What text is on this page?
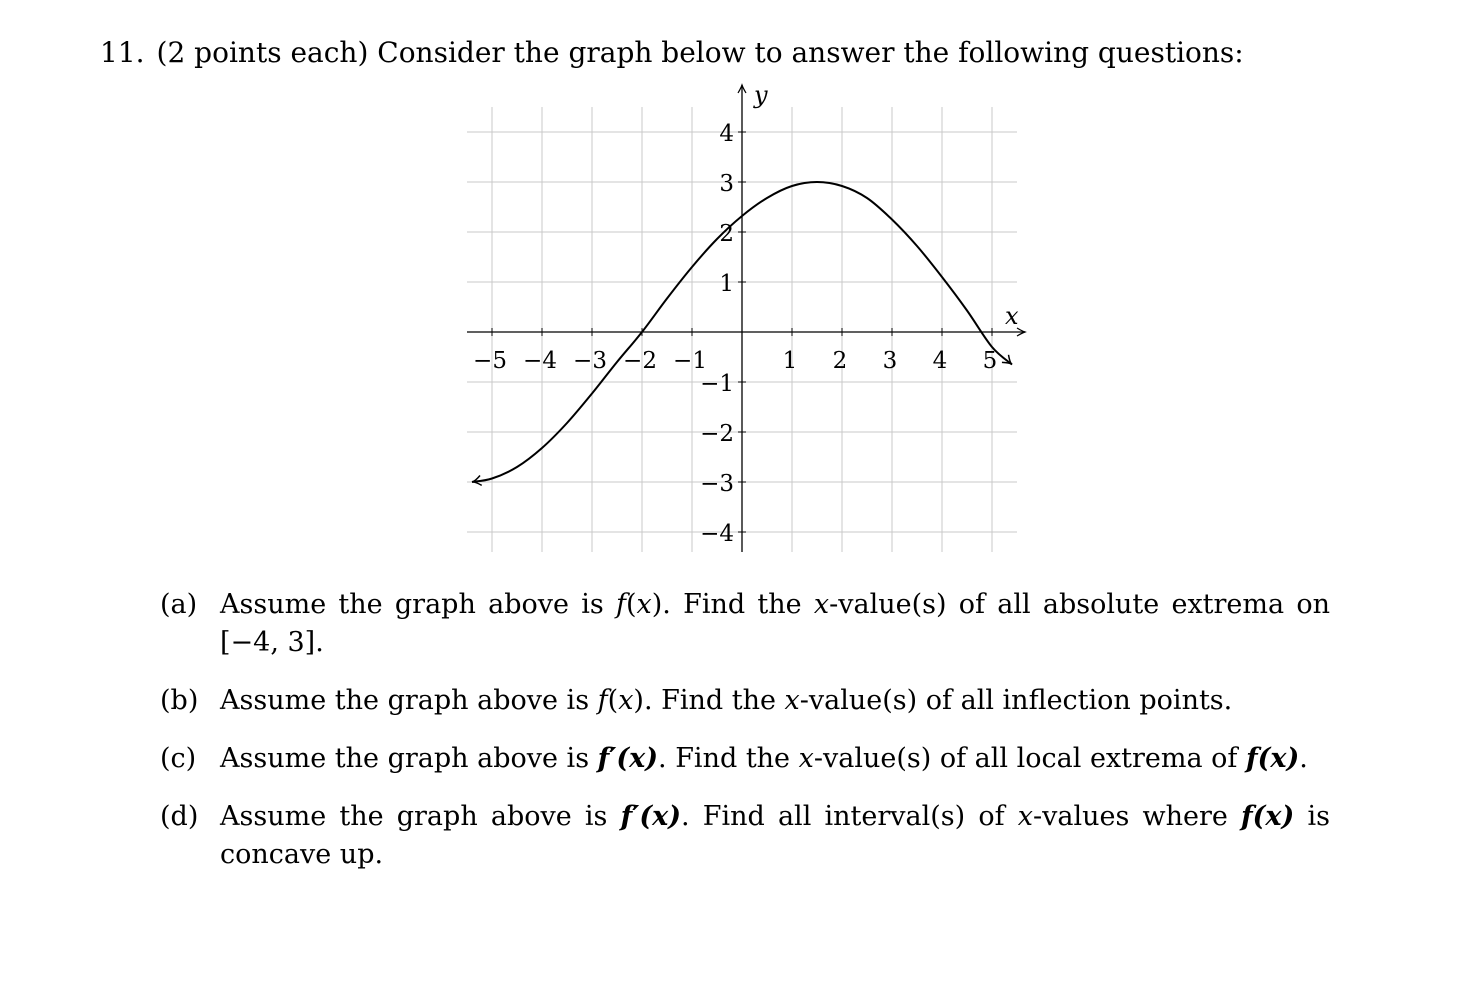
11. (2 points each) Consider the graph below to answer the following questions:
x
y
−5 −4 −3 −2 −1	1 2 3 4 5
−4
−3
−2
−1
1
2
3
4
(a) Assume the graph above is f(x). Find the x-value(s) of all absolute extrema on [−4, 3].
(b) Assume the graph above is f(x). Find the x-value(s) of all inflection points.
(c) Assume the graph above is f′(x). Find the x-value(s) of all local extrema of f(x).
(d) Assume the graph above is f′(x). Find all interval(s) of x-values where f(x) is concave up.
